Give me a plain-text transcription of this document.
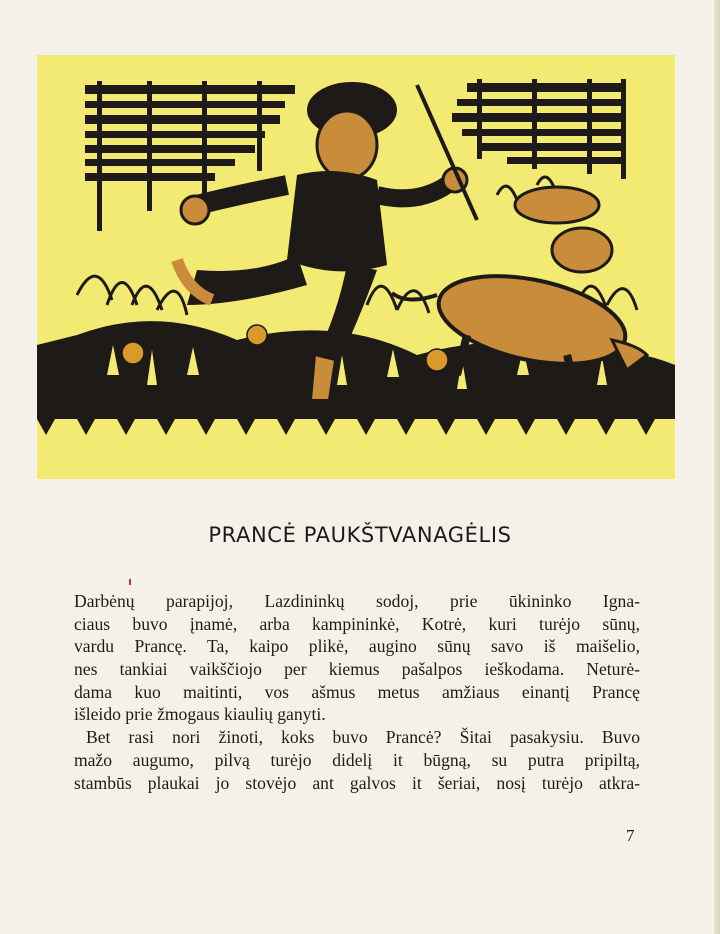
PRANCĖ PAUKŠTVANAGĖLIS
Darbėnų parapijoj, Lazdininkų sodoj, prie ūkininko Igna-
ciaus buvo įnamė, arba kampininkė, Kotrė, kuri turėjo sūnų,
vardu Prancę. Ta, kaipo plikė, augino sūnų savo iš maišelio,
nes tankiai vaikščiojo per kiemus pašalpos ieškodama. Neturė-
dama kuo maitinti, vos ašmus metus amžiaus einantį Prancę
išleido prie žmogaus kiaulių ganyti.
Bet rasi nori žinoti, koks buvo Prancė? Šitai pasakysiu. Buvo
mažo augumo, pilvą turėjo didelį it būgną, su putra pripiltą,
stambūs plaukai jo stovėjo ant galvos it šeriai, nosį turėjo atkra-
7
